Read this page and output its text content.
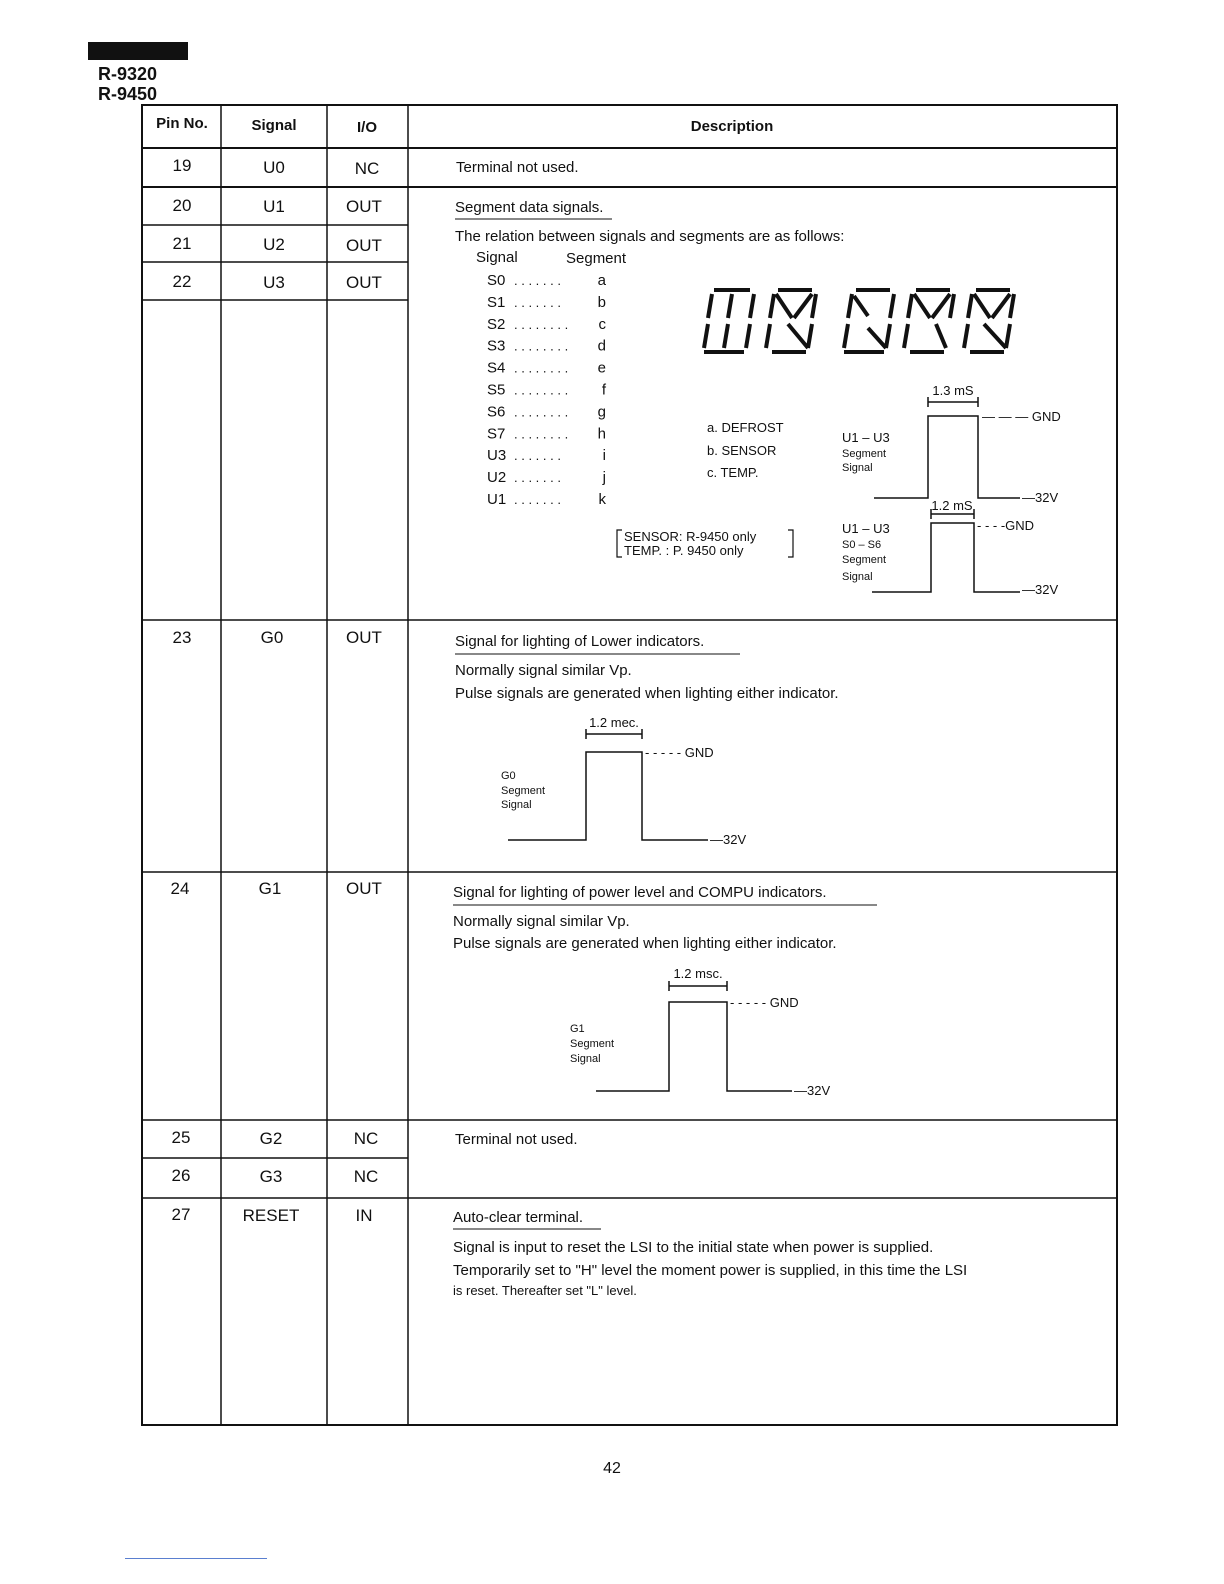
R-9320
R-9450
Pin No.	Signal	I/O	Description
19	U0	NC	Terminal not used.
20	U1	OUT
21	U2	OUT
22	U3	OUT
Segment data signals.
The relation between signals and segments are as follows:
Signal	Segment
S0 . . . . . . . a
S1 . . . . . . . b
S2 . . . . . . . . c
S3 . . . . . . . . d
S4 . . . . . . . . e
S5 . . . . . . . . f
S6 . . . . . . . . g
S7 . . . . . . . . h
U3 . . . . . . .	i
U2 . . . . . . .	j
U1 . . . . . . .	k
a. DEFROST
b. SENSOR
c. TEMP.
SENSOR: R-9450 only
TEMP. : P. 9450 only
1.3 mS
— — — GND
—32V
U1 – U3
Segment
Signal
1.2 mS
- - - -GND
—32V
U1 – U3
S0 – S6
Segment
Signal
23	G0	OUT	Signal for lighting of Lower indicators.
Normally signal similar Vp.
Pulse signals are generated when lighting either indicator.
1.2 mec.
- - - - - GND
—32V
G0
Segment
Signal
24	G1	OUT	Signal for lighting of power level and COMPU indicators.
Normally signal similar Vp.
Pulse signals are generated when lighting either indicator.
1.2 msc.
- - - - - GND
—32V
G1
Segment
Signal
25	G2	NC	Terminal not used.
26	G3	NC
27	RESET	IN	Auto-clear terminal.
Signal is input to reset the LSI to the initial state when power is supplied.
Temporarily set to "H" level the moment power is supplied, in this time the LSI
is reset. Thereafter set "L" level.
42
